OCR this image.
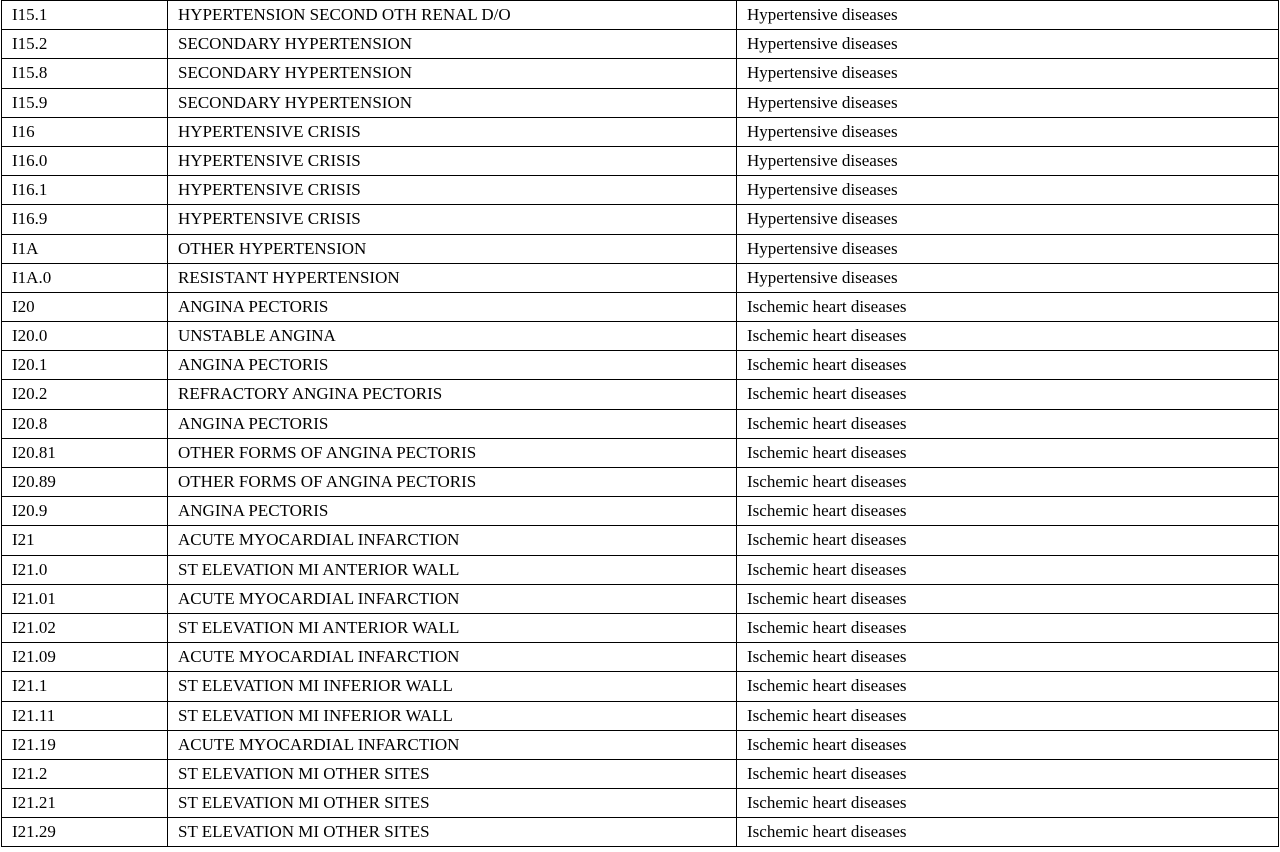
I15.1	HYPERTENSION SECOND OTH RENAL D/O	Hypertensive diseases
I15.2	SECONDARY HYPERTENSION	Hypertensive diseases
I15.8	SECONDARY HYPERTENSION	Hypertensive diseases
I15.9	SECONDARY HYPERTENSION	Hypertensive diseases
I16	HYPERTENSIVE CRISIS	Hypertensive diseases
I16.0	HYPERTENSIVE CRISIS	Hypertensive diseases
I16.1	HYPERTENSIVE CRISIS	Hypertensive diseases
I16.9	HYPERTENSIVE CRISIS	Hypertensive diseases
I1A	OTHER HYPERTENSION	Hypertensive diseases
I1A.0	RESISTANT HYPERTENSION	Hypertensive diseases
I20	ANGINA PECTORIS	Ischemic heart diseases
I20.0	UNSTABLE ANGINA	Ischemic heart diseases
I20.1	ANGINA PECTORIS	Ischemic heart diseases
I20.2	REFRACTORY ANGINA PECTORIS	Ischemic heart diseases
I20.8	ANGINA PECTORIS	Ischemic heart diseases
I20.81	OTHER FORMS OF ANGINA PECTORIS	Ischemic heart diseases
I20.89	OTHER FORMS OF ANGINA PECTORIS	Ischemic heart diseases
I20.9	ANGINA PECTORIS	Ischemic heart diseases
I21	ACUTE MYOCARDIAL INFARCTION	Ischemic heart diseases
I21.0	ST ELEVATION MI ANTERIOR WALL	Ischemic heart diseases
I21.01	ACUTE MYOCARDIAL INFARCTION	Ischemic heart diseases
I21.02	ST ELEVATION MI ANTERIOR WALL	Ischemic heart diseases
I21.09	ACUTE MYOCARDIAL INFARCTION	Ischemic heart diseases
I21.1	ST ELEVATION MI INFERIOR WALL	Ischemic heart diseases
I21.11	ST ELEVATION MI INFERIOR WALL	Ischemic heart diseases
I21.19	ACUTE MYOCARDIAL INFARCTION	Ischemic heart diseases
I21.2	ST ELEVATION MI OTHER SITES	Ischemic heart diseases
I21.21	ST ELEVATION MI OTHER SITES	Ischemic heart diseases
I21.29	ST ELEVATION MI OTHER SITES	Ischemic heart diseases
